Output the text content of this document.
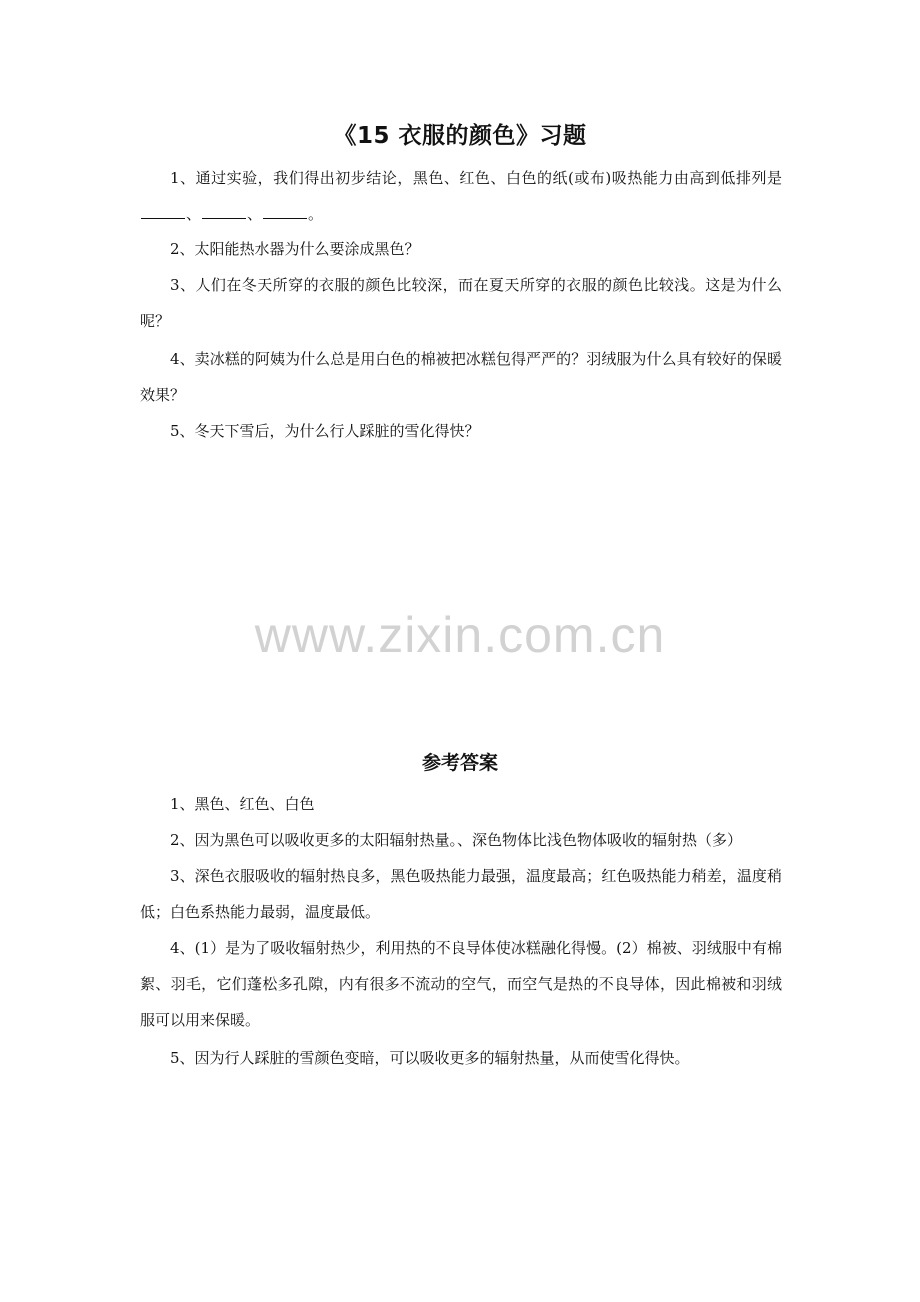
《15 衣服的颜色》习题
1、通过实验，我们得出初步结论，黑色、红色、白色的纸(或布)吸热能力由高到低排列是、	、	。
2、太阳能热水器为什么要涂成黑色？
3、人们在冬天所穿的衣服的颜色比较深，而在夏天所穿的衣服的颜色比较浅。这是为什么呢？
4、卖冰糕的阿姨为什么总是用白色的棉被把冰糕包得严严的？羽绒服为什么具有较好的保暖效果？
5、冬天下雪后，为什么行人踩脏的雪化得快？
www.zixin.com.cn
参考答案
1、黑色、红色、白色
2、因为黑色可以吸收更多的太阳辐射热量。、深色物体比浅色物体吸收的辐射热（多）
3、深色衣服吸收的辐射热良多，黑色吸热能力最强，温度最高；红色吸热能力稍差，温度稍低；白色系热能力最弱，温度最低。
4、(1）是为了吸收辐射热少，利用热的不良导体使冰糕融化得慢。(2）棉被、羽绒服中有棉絮、羽毛，它们蓬松多孔隙，内有很多不流动的空气，而空气是热的不良导体，因此棉被和羽绒服可以用来保暖。
5、因为行人踩脏的雪颜色变暗，可以吸收更多的辐射热量，从而使雪化得快。
